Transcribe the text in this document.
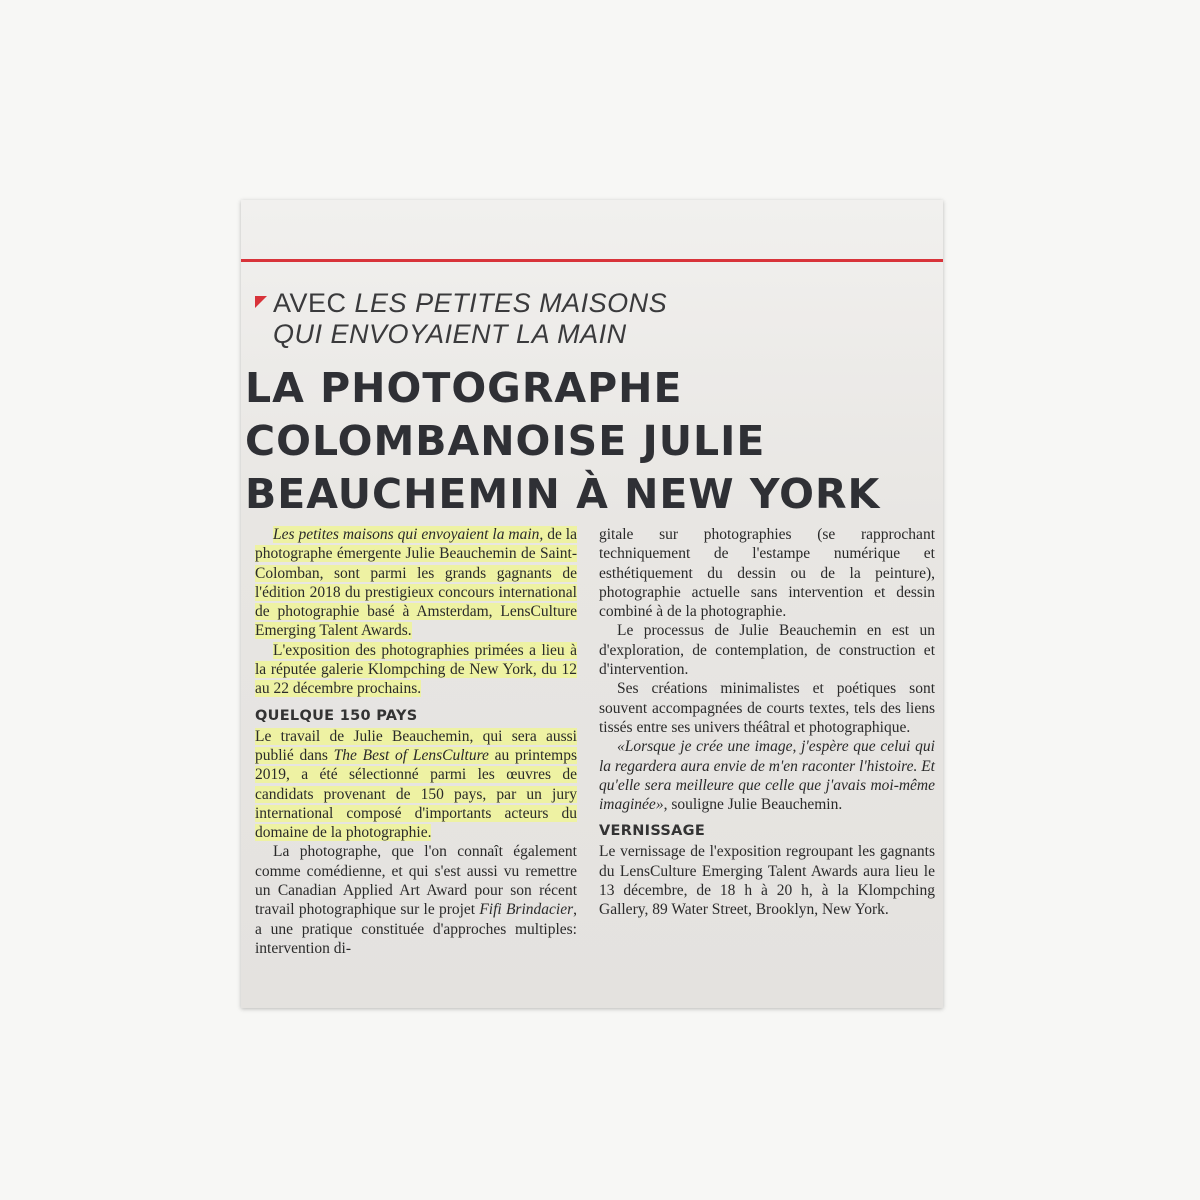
AVEC LES PETITES MAISONS
QUI ENVOYAIENT LA MAIN
LA PHOTOGRAPHE
COLOMBANOISE JULIE
BEAUCHEMIN À NEW YORK

Les petites maisons qui envoyaient la main, de la photographe émergente Julie Beauchemin de Saint-Colomban, sont parmi les grands gagnants de l'édition 2018 du prestigieux concours international de photographie basé à Amsterdam, LensCulture Emerging Talent Awards.

L'exposition des photographies primées a lieu à la réputée galerie Klompching de New York, du 12 au 22 décembre prochains.

QUELQUE 150 PAYS

Le travail de Julie Beauchemin, qui sera aussi publié dans The Best of LensCulture au printemps 2019, a été sélectionné parmi les œuvres de candidats provenant de 150 pays, par un jury international composé d'importants acteurs du domaine de la photographie.

La photographe, que l'on connaît également comme comédienne, et qui s'est aussi vu remettre un Canadian Applied Art Award pour son récent travail photographique sur le projet Fifi Brindacier, a une pratique constituée d'approches multiples: intervention di-

gitale sur photographies (se rapprochant techniquement de l'estampe numérique et esthétiquement du dessin ou de la peinture), photographie actuelle sans intervention et dessin combiné à de la photographie.

Le processus de Julie Beauchemin en est un d'exploration, de contemplation, de construction et d'intervention.

Ses créations minimalistes et poétiques sont souvent accompagnées de courts textes, tels des liens tissés entre ses univers théâtral et photographique.

«Lorsque je crée une image, j'espère que celui qui la regardera aura envie de m'en raconter l'histoire. Et qu'elle sera meilleure que celle que j'avais moi-même imaginée», souligne Julie Beauchemin.

VERNISSAGE

Le vernissage de l'exposition regroupant les gagnants du LensCulture Emerging Talent Awards aura lieu le 13 décembre, de 18 h à 20 h, à la Klompching Gallery, 89 Water Street, Brooklyn, New York.
